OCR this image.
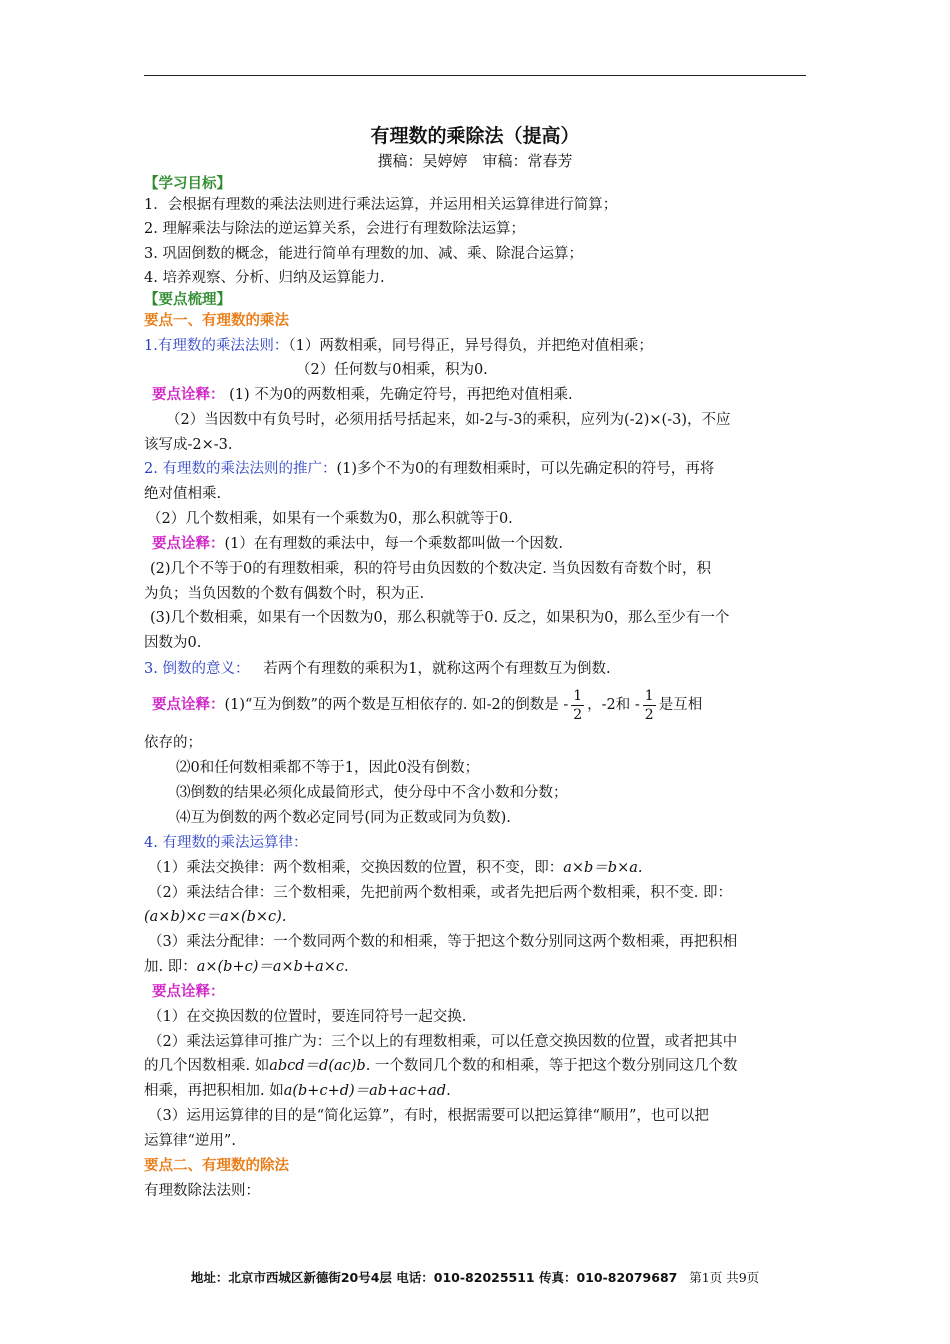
有理数的乘除法（提高）
撰稿：吴婷婷　审稿：常春芳
【学习目标】
1．会根据有理数的乘法法则进行乘法运算，并运用相关运算律进行简算；
2. 理解乘法与除法的逆运算关系，会进行有理数除法运算；
3. 巩固倒数的概念，能进行简单有理数的加、减、乘、除混合运算；
4. 培养观察、分析、归纳及运算能力.
【要点梳理】
要点一、有理数的乘法
1.有理数的乘法法则：（1）两数相乘，同号得正，异号得负，并把绝对值相乘；
（2）任何数与0相乘，积为0.
要点诠释： (1) 不为0的两数相乘，先确定符号，再把绝对值相乘.
（2）当因数中有负号时，必须用括号括起来，如-2与-3的乘积，应列为(-2)×(-3)，不应
该写成-2×-3.
2. 有理数的乘法法则的推广：(1)多个不为0的有理数相乘时，可以先确定积的符号，再将
绝对值相乘.
（2）几个数相乘，如果有一个乘数为0，那么积就等于0.
要点诠释：(1）在有理数的乘法中，每一个乘数都叫做一个因数.
(2)几个不等于0的有理数相乘，积的符号由负因数的个数决定. 当负因数有奇数个时，积
为负；当负因数的个数有偶数个时，积为正.
(3)几个数相乘，如果有一个因数为0，那么积就等于0. 反之，如果积为0，那么至少有一个
因数为0.
3. 倒数的意义： 若两个有理数的乘积为1，就称这两个有理数互为倒数.
要点诠释：(1)“互为倒数”的两个数是互相依存的. 如-2的倒数是 - $\frac{1}{2}$ ，-2和 - $\frac{1}{2}$ 是互相
依存的；
⑵0和任何数相乘都不等于1，因此0没有倒数；
⑶倒数的结果必须化成最简形式，使分母中不含小数和分数；
⑷互为倒数的两个数必定同号(同为正数或同为负数).
4. 有理数的乘法运算律：
（1）乘法交换律：两个数相乘，交换因数的位置，积不变，即：a×b＝b×a.
（2）乘法结合律：三个数相乘，先把前两个数相乘，或者先把后两个数相乘，积不变. 即：
(a×b)×c＝a×(b×c).
（3）乘法分配律：一个数同两个数的和相乘，等于把这个数分别同这两个数相乘，再把积相
加. 即：a×(b+c)＝a×b+a×c.
要点诠释：
（1）在交换因数的位置时，要连同符号一起交换.
（2）乘法运算律可推广为：三个以上的有理数相乘，可以任意交换因数的位置，或者把其中
的几个因数相乘. 如abcd＝d(ac)b. 一个数同几个数的和相乘，等于把这个数分别同这几个数
相乘，再把积相加. 如a(b+c+d)＝ab+ac+ad.
（3）运用运算律的目的是“简化运算”，有时，根据需要可以把运算律“顺用”，也可以把
运算律“逆用”.
要点二、有理数的除法
有理数除法法则：
地址：北京市西城区新德街20号4层 电话：010-82025511 传真：010-82079687 第1页 共9页
